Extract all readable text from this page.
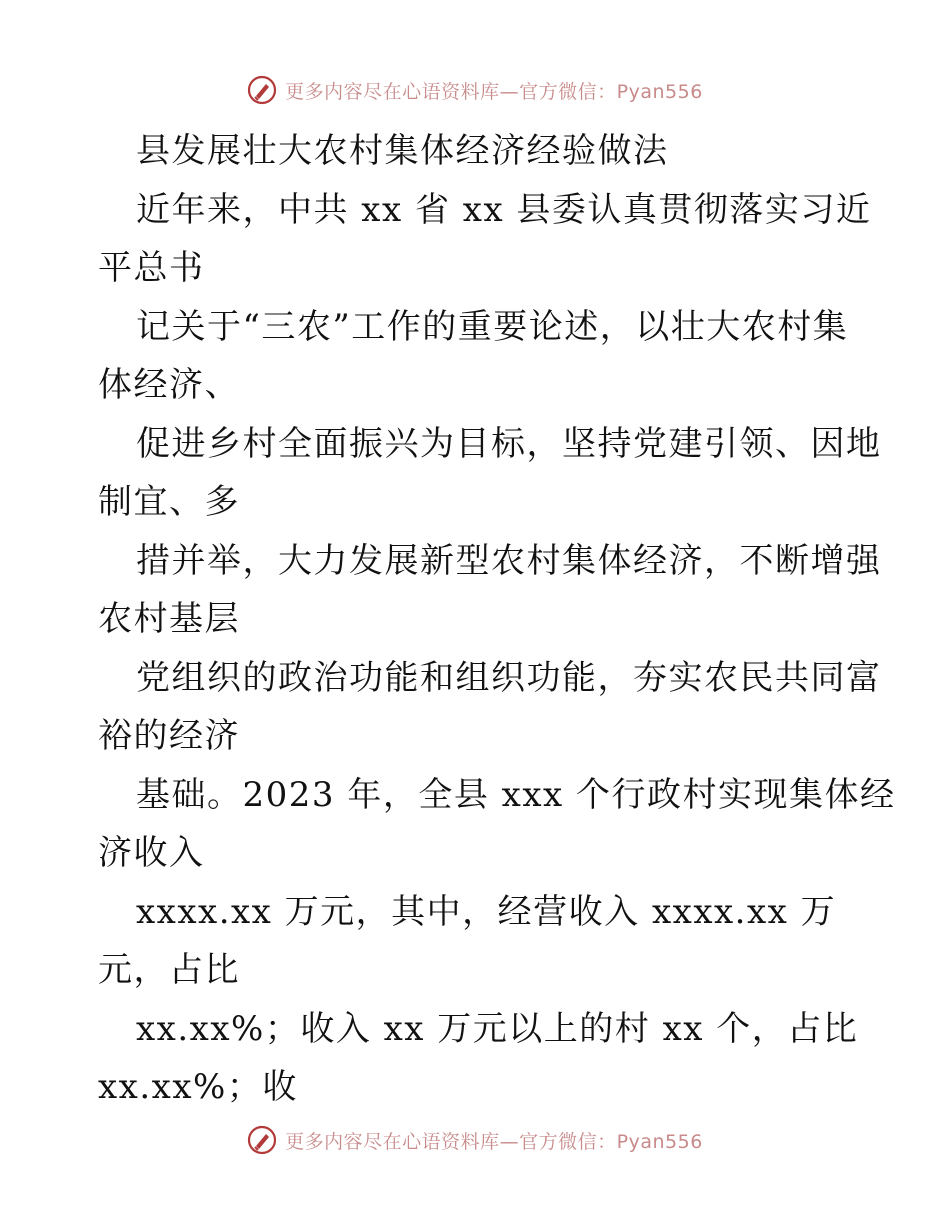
更多内容尽在心语资料库—官方微信：Pyan556
县发展壮大农村集体经济经验做法
近年来，中共 xx 省 xx 县委认真贯彻落实习近
平总书
记关于“三农”工作的重要论述，以壮大农村集
体经济、
促进乡村全面振兴为目标，坚持党建引领、因地
制宜、多
措并举，大力发展新型农村集体经济，不断增强
农村基层
党组织的政治功能和组织功能，夯实农民共同富
裕的经济
基础。2023 年，全县 xxx 个行政村实现集体经
济收入
xxxx.xx 万元，其中，经营收入 xxxx.xx 万
元，占比
xx.xx%；收入 xx 万元以上的村 xx 个，占比
xx.xx%；收
更多内容尽在心语资料库—官方微信：Pyan556
